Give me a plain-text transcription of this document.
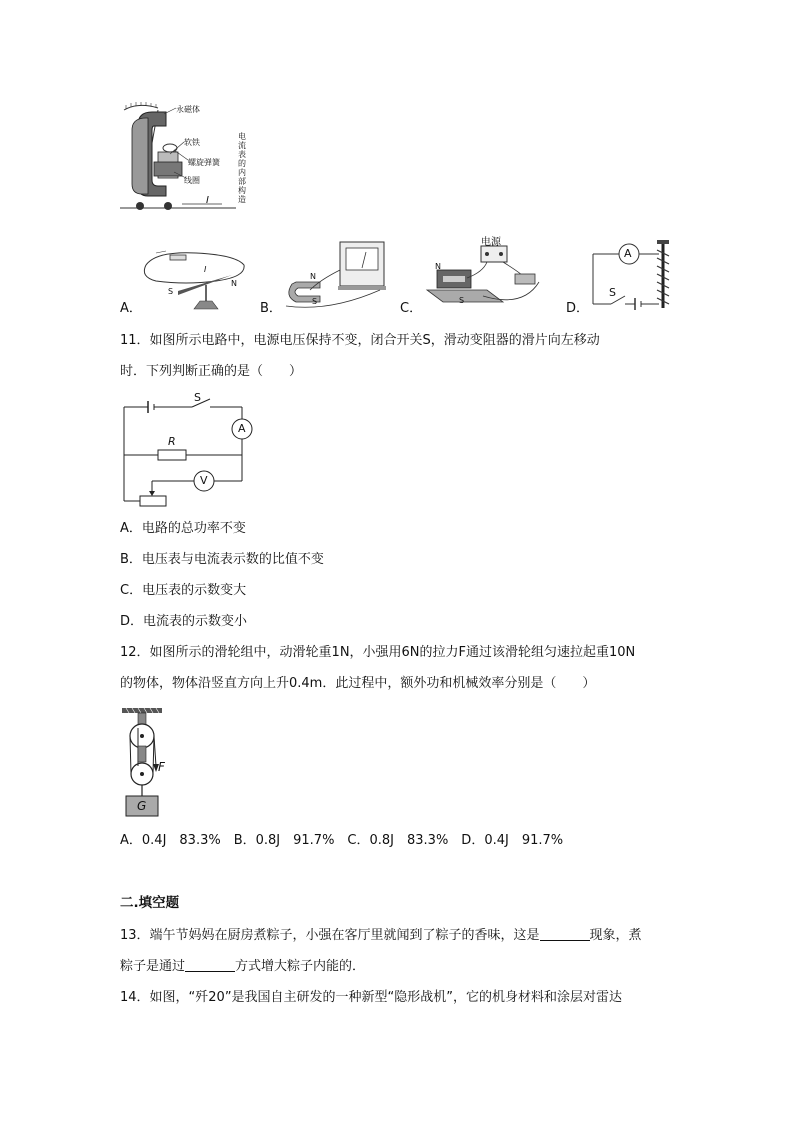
永磁体
软铁
螺旋弹簧
线圈
I
电流表的内部构造
S
N
I
A．
N
S
B．
电源
N
S
C．
A
S
D．
11．如图所示电路中，电源电压保持不变，闭合开关S，滑动变阻器的滑片向左移动
时．下列判断正确的是（　　）
S
A
R
V
A．电路的总功率不变
B．电压表与电流表示数的比值不变
C．电压表的示数变大
D．电流表的示数变小
12．如图所示的滑轮组中，动滑轮重1N，小强用6N的拉力F通过该滑轮组匀速拉起重10N
的物体，物体沿竖直方向上升0.4m．此过程中，额外功和机械效率分别是（　　）
F
G
A．0.4J　83.3%　B．0.8J　91.7%　C．0.8J　83.3%　D．0.4J　91.7%
二.填空题
13．端午节妈妈在厨房煮粽子，小强在客厅里就闻到了粽子的香味，这是	现象，煮
粽子是通过	方式增大粽子内能的．
14．如图，“歼20”是我国自主研发的一种新型“隐形战机”，它的机身材料和涂层对雷达
